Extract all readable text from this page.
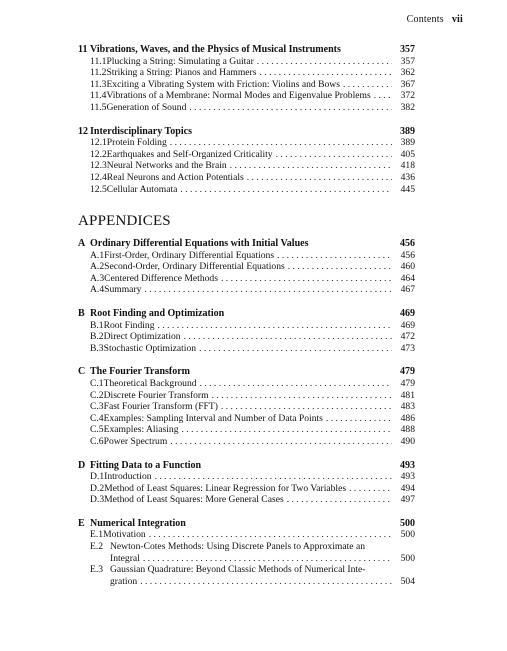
Contents vii
11 Vibrations, Waves, and the Physics of Musical Instruments	357
11.1 Plucking a String: Simulating a Guitar . . .	357
11.2 Striking a String: Pianos and Hammers . . .	362
11.3 Exciting a Vibrating System with Friction: Violins and Bows . . .	367
11.4 Vibrations of a Membrane: Normal Modes and Eigenvalue Problems . . .	372
11.5 Generation of Sound . . .	382
12 Interdisciplinary Topics	389
12.1 Protein Folding . . .	389
12.2 Earthquakes and Self-Organized Criticality . . .	405
12.3 Neural Networks and the Brain . . .	418
12.4 Real Neurons and Action Potentials . . .	436
12.5 Cellular Automata . . .	445
APPENDICES
A Ordinary Differential Equations with Initial Values	456
A.1 First-Order, Ordinary Differential Equations . . .	456
A.2 Second-Order, Ordinary Differential Equations . . .	460
A.3 Centered Difference Methods . . .	464
A.4 Summary . . .	467
B Root Finding and Optimization	469
B.1 Root Finding . . .	469
B.2 Direct Optimization . . .	472
B.3 Stochastic Optimization . . .	473
C The Fourier Transform	479
C.1 Theoretical Background . . .	479
C.2 Discrete Fourier Transform . . .	481
C.3 Fast Fourier Transform (FFT) . . .	483
C.4 Examples: Sampling Interval and Number of Data Points . . .	486
C.5 Examples: Aliasing . . .	488
C.6 Power Spectrum . . .	490
D Fitting Data to a Function	493
D.1 Introduction . . .	493
D.2 Method of Least Squares: Linear Regression for Two Variables . . .	494
D.3 Method of Least Squares: More General Cases . . .	497
E Numerical Integration	500
E.1 Motivation . . .	500
E.2 Newton-Cotes Methods: Using Discrete Panels to Approximate an
Integral . . .	500
E.3 Gaussian Quadrature: Beyond Classic Methods of Numerical Inte-
gration . . .	504
